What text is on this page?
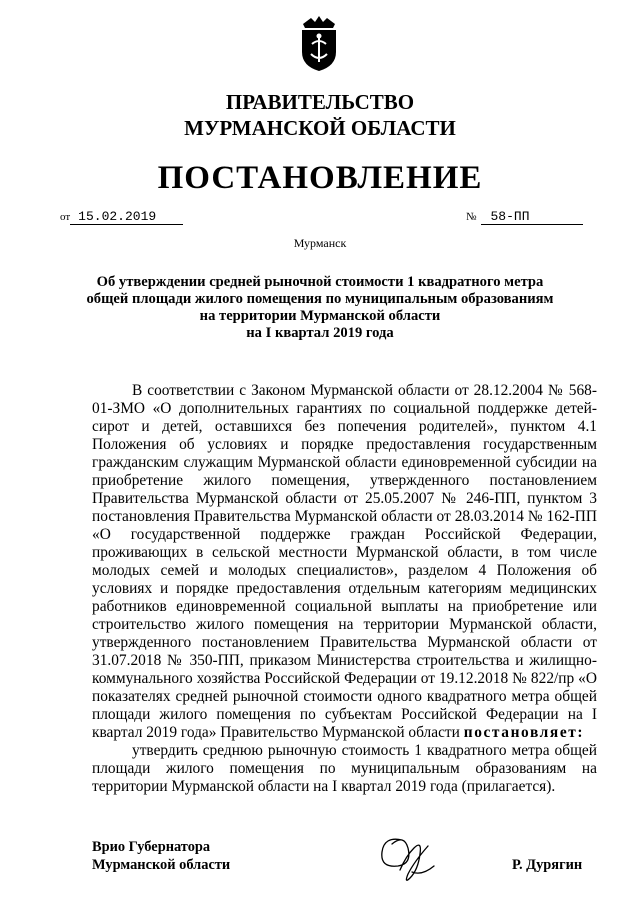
ПРАВИТЕЛЬСТВО
МУРМАНСКОЙ ОБЛАСТИ
ПОСТАНОВЛЕНИЕ
от 15.02.2019	№ 58-ПП
Мурманск
Об утверждении средней рыночной стоимости 1 квадратного метра
общей площади жилого помещения по муниципальным образованиям
на территории Мурманской области
на I квартал 2019 года

В соответствии с Законом Мурманской области от 28.12.2004 № 568-01-ЗМО «О дополнительных гарантиях по социальной поддержке детей-сирот и детей, оставшихся без попечения родителей», пунктом 4.1 Положения об условиях и порядке предоставления государственным гражданским служащим Мурманской области единовременной субсидии на приобретение жилого помещения, утвержденного постановлением Правительства Мурманской области от 25.05.2007 № 246-ПП, пунктом 3 постановления Правительства Мурманской области от 28.03.2014 № 162-ПП «О государственной поддержке граждан Российской Федерации, проживающих в сельской местности Мурманской области, в том числе молодых семей и молодых специалистов», разделом 4 Положения об условиях и порядке предоставления отдельным категориям медицинских работников единовременной социальной выплаты на приобретение или строительство жилого помещения на территории Мурманской области, утвержденного постановлением Правительства Мурманской области от 31.07.2018 № 350-ПП, приказом Министерства строительства и жилищно-коммунального хозяйства Российской Федерации от 19.12.2018 № 822/пр «О показателях средней рыночной стоимости одного квадратного метра общей площади жилого помещения по субъектам Российской Федерации на I квартал 2019 года» Правительство Мурманской области постановляет:

утвердить среднюю рыночную стоимость 1 квадратного метра общей площади жилого помещения по муниципальным образованиям на территории Мурманской области на I квартал 2019 года (прилагается).

Врио Губернатора
Мурманской области	Р. Дурягин
